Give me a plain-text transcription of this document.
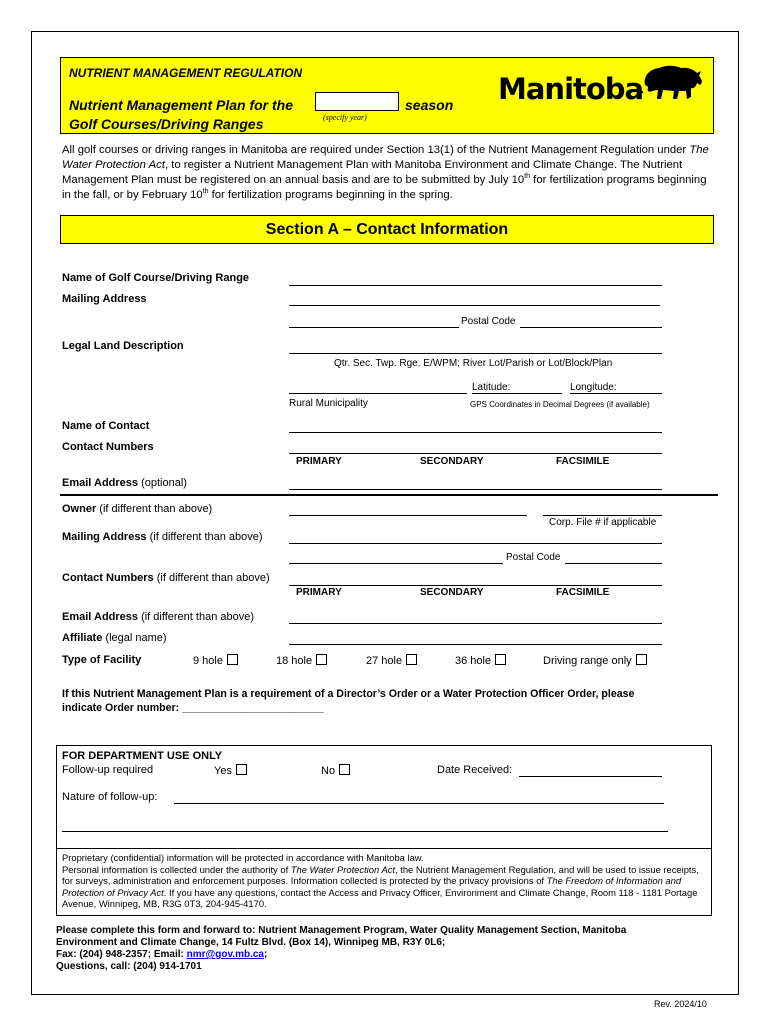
NUTRIENT MANAGEMENT REGULATION
Nutrient Management Plan for the
(specify year)
season
Golf Courses/Driving Ranges
Manitoba
All golf courses or driving ranges in Manitoba are required under Section 13(1) of the Nutrient Management Regulation under The Water Protection Act, to register a Nutrient Management Plan with Manitoba Environment and Climate Change. The Nutrient Management Plan must be registered on an annual basis and are to be submitted by July 10th for fertilization programs beginning in the fall, or by February 10th for fertilization programs beginning in the spring.
Section A – Contact Information
Name of Golf Course/Driving Range
Mailing Address
Postal Code
Legal Land Description
Qtr. Sec. Twp. Rge. E/WPM; River Lot/Parish or Lot/Block/Plan
Latitude:	Longitude:
Rural Municipality	GPS Coordinates in Decimal Degrees (if available)
Name of Contact
Contact Numbers
PRIMARY	SECONDARY	FACSIMILE
Email Address (optional)
Owner (if different than above)
Corp. File # if applicable
Mailing Address (if different than above)
Postal Code
Contact Numbers (if different than above)
PRIMARY	SECONDARY	FACSIMILE
Email Address (if different than above)
Affiliate (legal name)
Type of Facility	9 hole	18 hole	27 hole	36 hole	Driving range only
If this Nutrient Management Plan is a requirement of a Director’s Order or a Water Protection Officer Order, please
indicate Order number: ________________________
FOR DEPARTMENT USE ONLY
Follow-up required	Yes	No	Date Received:
Nature of follow-up:
Proprietary (confidential) information will be protected in accordance with Manitoba law.
Personal information is collected under the authority of The Water Protection Act, the Nutrient Management Regulation, and will be used to issue receipts, for surveys, administration and enforcement purposes. Information collected is protected by the privacy provisions of The Freedom of Information and Protection of Privacy Act. If you have any questions, contact the Access and Privacy Officer, Environment and Climate Change, Room 118 - 1181 Portage Avenue, Winnipeg, MB, R3G 0T3, 204-945-4170.
Please complete this form and forward to: Nutrient Management Program, Water Quality Management Section, Manitoba
Environment and Climate Change, 14 Fultz Blvd. (Box 14), Winnipeg MB, R3Y 0L6;
Fax: (204) 948-2357; Email: nmr@gov.mb.ca;
Questions, call: (204) 914-1701
Rev. 2024/10
